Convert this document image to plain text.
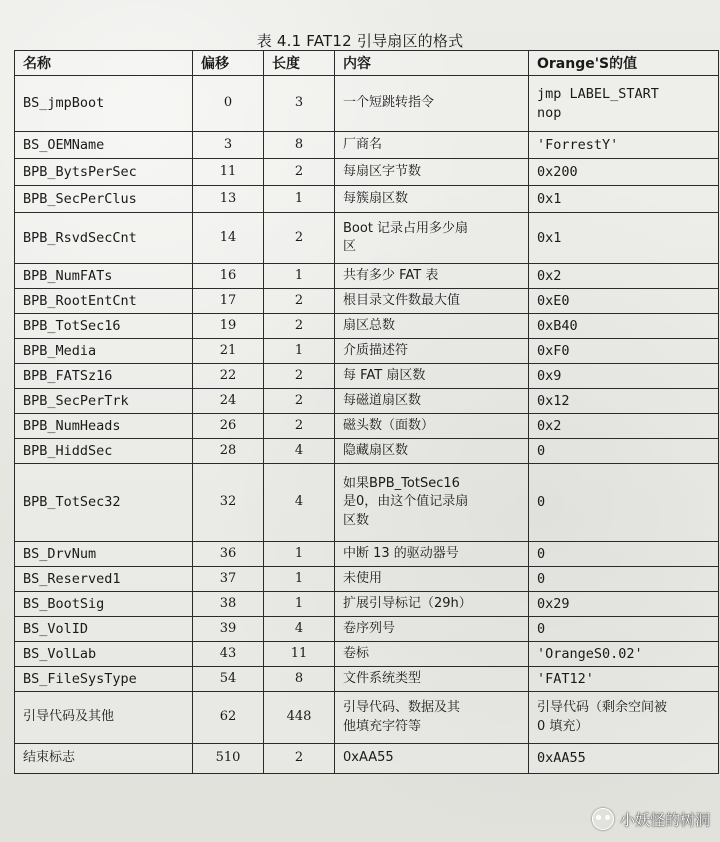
表 4.1 FAT12 引导扇区的格式
名称	偏移	长度	内容	Orange'S的值
BS_jmpBoot	0	3	一个短跳转指令	jmp LABEL_START
nop
BS_OEMName	3	8	厂商名	'ForrestY'
BPB_BytsPerSec	11	2	每扇区字节数	0x200
BPB_SecPerClus	13	1	每簇扇区数	0x1
BPB_RsvdSecCnt	14	2	Boot 记录占用多少扇
区	0x1
BPB_NumFATs	16	1	共有多少 FAT 表	0x2
BPB_RootEntCnt	17	2	根目录文件数最大值	0xE0
BPB_TotSec16	19	2	扇区总数	0xB40
BPB_Media	21	1	介质描述符	0xF0
BPB_FATSz16	22	2	每 FAT 扇区数	0x9
BPB_SecPerTrk	24	2	每磁道扇区数	0x12
BPB_NumHeads	26	2	磁头数（面数）	0x2
BPB_HiddSec	28	4	隐藏扇区数	0
BPB_TotSec32	32	4	如果BPB_TotSec16
是0，由这个值记录扇
区数	0
BS_DrvNum	36	1	中断 13 的驱动器号	0
BS_Reserved1	37	1	未使用	0
BS_BootSig	38	1	扩展引导标记（29h）	0x29
BS_VolID	39	4	卷序列号	0
BS_VolLab	43	11	卷标	'OrangeS0.02'
BS_FileSysType	54	8	文件系统类型	'FAT12'
引导代码及其他	62	448	引导代码、数据及其
他填充字符等	引导代码（剩余空间被
0 填充）
结束标志	510	2	0xAA55	0xAA55
小妖怪的树洞
